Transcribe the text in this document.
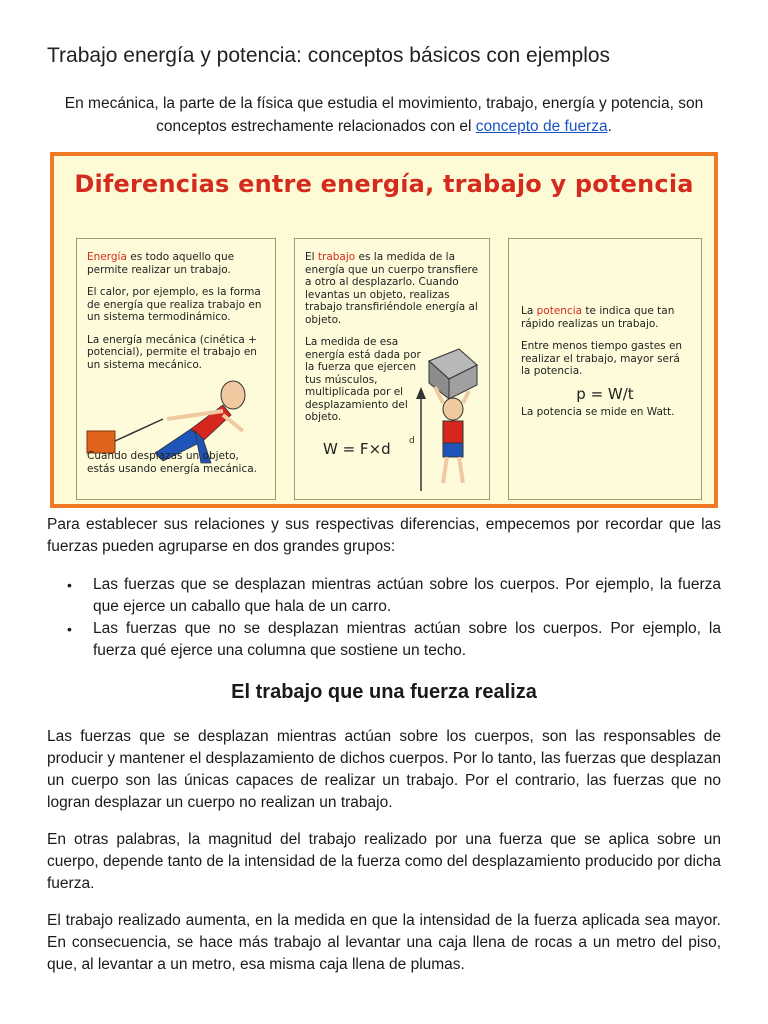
Trabajo energía y potencia: conceptos básicos con ejemplos
En mecánica, la parte de la física que estudia el movimiento, trabajo, energía y potencia, son conceptos estrechamente relacionados con el concepto de fuerza.
Diferencias entre energía, trabajo y potencia

Energía es todo aquello que permite realizar un trabajo.

El calor, por ejemplo, es la forma de energía que realiza trabajo en un sistema termodinámico.

La energía mecánica (cinética + potencial), permite el trabajo en un sistema mecánico.

Cuando desplazas un objeto, estás usando energía mecánica.

El trabajo es la medida de la energía que un cuerpo transfiere a otro al desplazarlo. Cuando levantas un objeto, realizas trabajo transfiriéndole energía al objeto.

La medida de esa energía está dada por la fuerza que ejercen tus músculos, multiplicada por el desplazamiento del objeto.

W = F×d d

La potencia te indica que tan rápido realizas un trabajo.

Entre menos tiempo gastes en realizar el trabajo, mayor será la potencia.

p = W/t

La potencia se mide en Watt.

Para establecer sus relaciones y sus respectivas diferencias, empecemos por recordar que las fuerzas pueden agruparse en dos grandes grupos:
• Las fuerzas que se desplazan mientras actúan sobre los cuerpos. Por ejemplo, la fuerza que ejerce un caballo que hala de un carro.
• Las fuerzas que no se desplazan mientras actúan sobre los cuerpos. Por ejemplo, la fuerza qué ejerce una columna que sostiene un techo.
El trabajo que una fuerza realiza
Las fuerzas que se desplazan mientras actúan sobre los cuerpos, son las responsables de producir y mantener el desplazamiento de dichos cuerpos. Por lo tanto, las fuerzas que desplazan un cuerpo son las únicas capaces de realizar un trabajo. Por el contrario, las fuerzas que no logran desplazar un cuerpo no realizan un trabajo.
En otras palabras, la magnitud del trabajo realizado por una fuerza que se aplica sobre un cuerpo, depende tanto de la intensidad de la fuerza como del desplazamiento producido por dicha fuerza.
El trabajo realizado aumenta, en la medida en que la intensidad de la fuerza aplicada sea mayor. En consecuencia, se hace más trabajo al levantar una caja llena de rocas a un metro del piso, que, al levantar a un metro, esa misma caja llena de plumas.
